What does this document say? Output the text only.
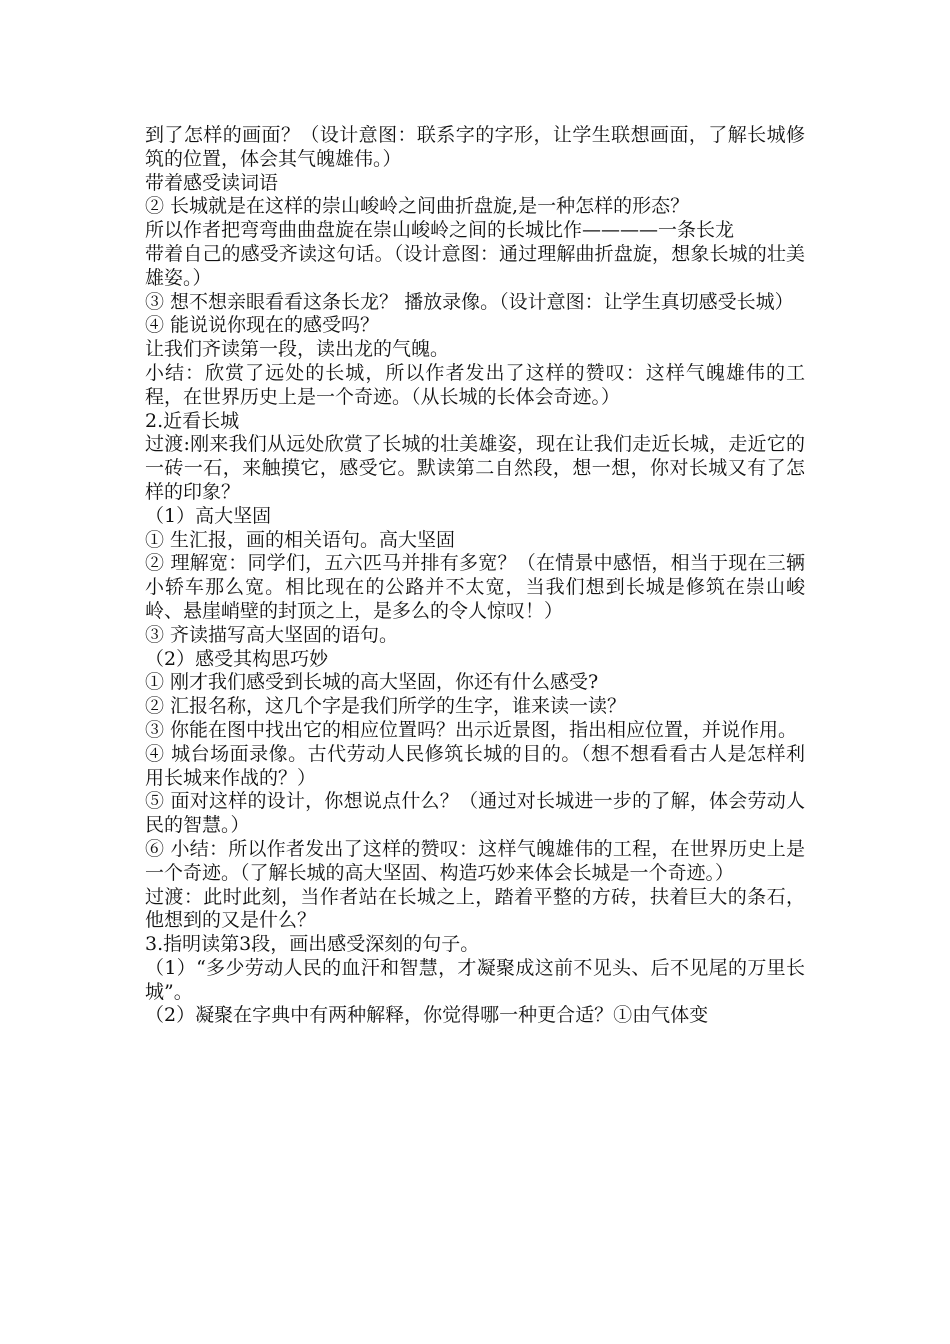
到了怎样的画面？（设计意图：联系字的字形，让学生联想画面，了解长城修筑的位置，体会其气魄雄伟。）

带着感受读词语

② 长城就是在这样的崇山峻岭之间曲折盘旋,是一种怎样的形态？

所以作者把弯弯曲曲盘旋在崇山峻岭之间的长城比作————一条长龙

带着自己的感受齐读这句话。（设计意图：通过理解曲折盘旋，想象长城的壮美雄姿。）

③ 想不想亲眼看看这条长龙？ 播放录像。（设计意图：让学生真切感受长城）

④ 能说说你现在的感受吗？

让我们齐读第一段，读出龙的气魄。

小结：欣赏了远处的长城，所以作者发出了这样的赞叹：这样气魄雄伟的工程，在世界历史上是一个奇迹。（从长城的长体会奇迹。）

2.近看长城

过渡:刚来我们从远处欣赏了长城的壮美雄姿，现在让我们走近长城，走近它的一砖一石，来触摸它，感受它。默读第二自然段，想一想，你对长城又有了怎样的印象？

（1）高大坚固

① 生汇报，画的相关语句。高大坚固

② 理解宽：同学们，五六匹马并排有多宽？（在情景中感悟，相当于现在三辆小轿车那么宽。相比现在的公路并不太宽，当我们想到长城是修筑在崇山峻岭、悬崖峭壁的封顶之上，是多么的令人惊叹！）

③ 齐读描写高大坚固的语句。

（2）感受其构思巧妙

① 刚才我们感受到长城的高大坚固，你还有什么感受?

② 汇报名称，这几个字是我们所学的生字，谁来读一读？

③ 你能在图中找出它的相应位置吗？出示近景图，指出相应位置，并说作用。

④ 城台场面录像。古代劳动人民修筑长城的目的。（想不想看看古人是怎样利用长城来作战的？）

⑤ 面对这样的设计，你想说点什么？（通过对长城进一步的了解，体会劳动人民的智慧。）

⑥ 小结：所以作者发出了这样的赞叹：这样气魄雄伟的工程，在世界历史上是一个奇迹。（了解长城的高大坚固、构造巧妙来体会长城是一个奇迹。）

过渡：此时此刻，当作者站在长城之上，踏着平整的方砖，扶着巨大的条石，他想到的又是什么？

3.指明读第3段，画出感受深刻的句子。

（1）“多少劳动人民的血汗和智慧，才凝聚成这前不见头、后不见尾的万里长城”。

（2）凝聚在字典中有两种解释，你觉得哪一种更合适？①由气体变
